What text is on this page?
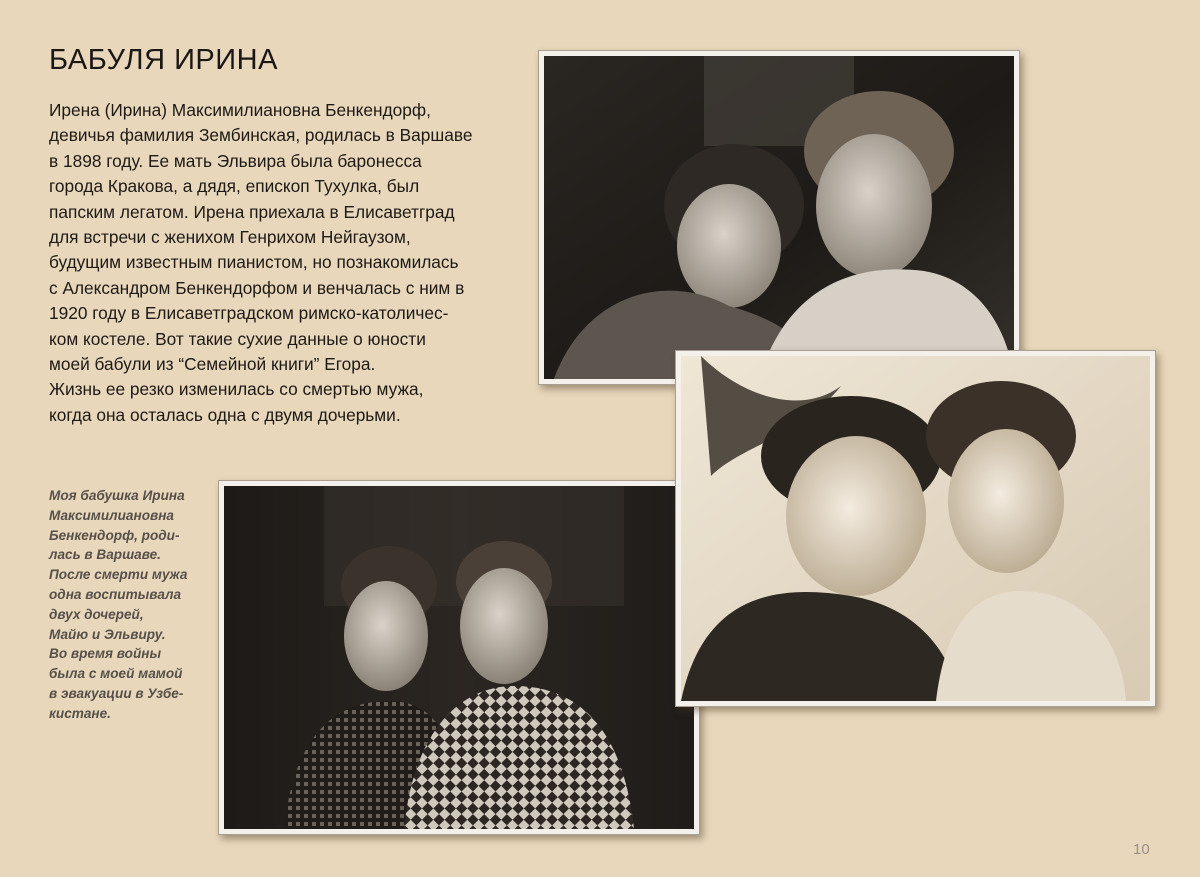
БАБУЛЯ ИРИНА
Ирена (Ирина) Максимилиановна Бенкендорф,
девичья фамилия Зембинская, родилась в Варшаве
в 1898 году. Ее мать Эльвира была баронесса
города Кракова, а дядя, епископ Тухулка, был
папским легатом. Ирена приехала в Елисаветград
для встречи с женихом Генрихом Нейгаузом,
будущим известным пианистом, но познакомилась
с Александром Бенкендорфом и венчалась с ним в
1920 году в Елисаветградском римско-католичес-
ком костеле. Вот такие сухие данные о юности
моей бабули из “Семейной книги” Егора.
Жизнь ее резко изменилась со смертью мужа,
когда она осталась одна с двумя дочерьми.
Моя бабушка Ирина
Максимилиановна
Бенкендорф, роди-
лась в Варшаве.
После смерти мужа
одна воспитывала
двух дочерей,
Майю и Эльвиру.
Во время войны
была с моей мамой
в эвакуации в Узбе-
кистане.
10
